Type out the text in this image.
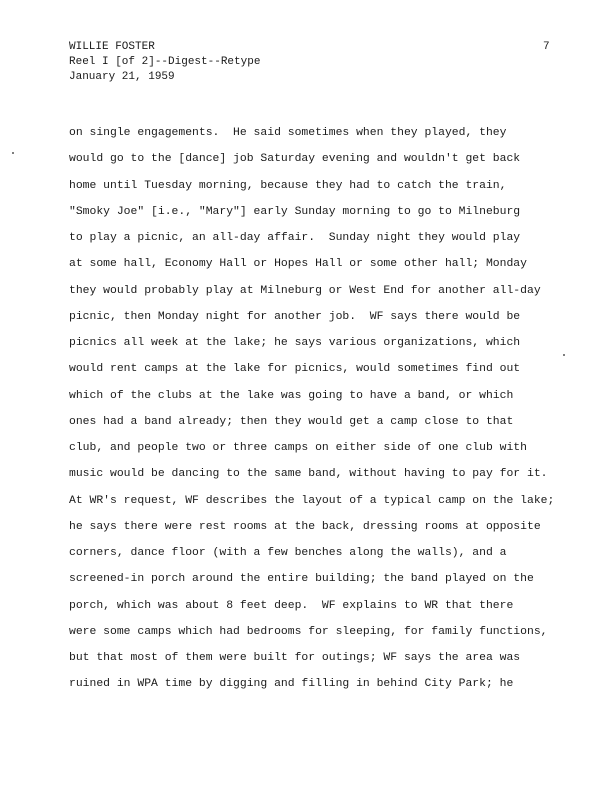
WILLIE FOSTER
Reel I [of 2]--Digest--Retype
January 21, 1959
7
on single engagements.  He said sometimes when they played, they
would go to the [dance] job Saturday evening and wouldn't get back
home until Tuesday morning, because they had to catch the train,
"Smoky Joe" [i.e., "Mary"] early Sunday morning to go to Milneburg
to play a picnic, an all-day affair.  Sunday night they would play
at some hall, Economy Hall or Hopes Hall or some other hall; Monday
they would probably play at Milneburg or West End for another all-day
picnic, then Monday night for another job.  WF says there would be
picnics all week at the lake; he says various organizations, which
would rent camps at the lake for picnics, would sometimes find out
which of the clubs at the lake was going to have a band, or which
ones had a band already; then they would get a camp close to that
club, and people two or three camps on either side of one club with
music would be dancing to the same band, without having to pay for it.
At WR's request, WF describes the layout of a typical camp on the lake;
he says there were rest rooms at the back, dressing rooms at opposite
corners, dance floor (with a few benches along the walls), and a
screened-in porch around the entire building; the band played on the
porch, which was about 8 feet deep.  WF explains to WR that there
were some camps which had bedrooms for sleeping, for family functions,
but that most of them were built for outings; WF says the area was
ruined in WPA time by digging and filling in behind City Park; he
